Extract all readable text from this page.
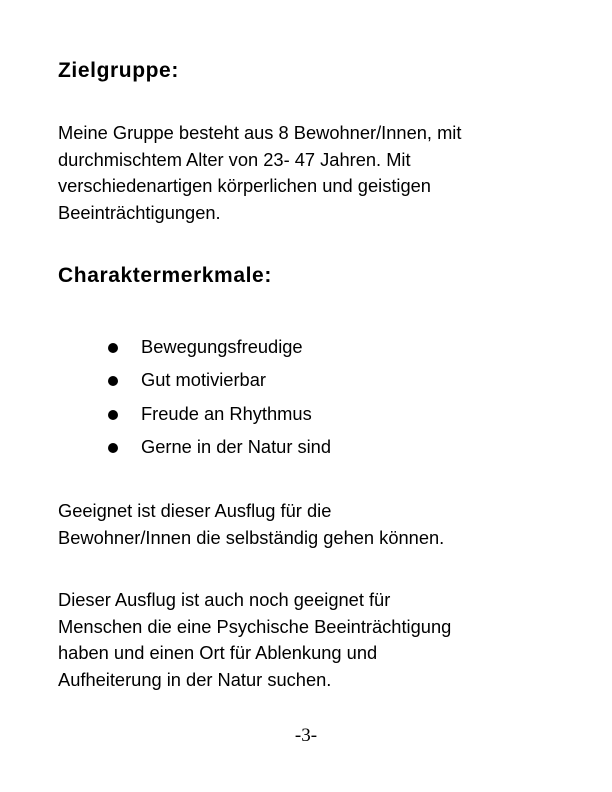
Zielgruppe:

Meine Gruppe besteht aus 8 Bewohner/Innen, mit
durchmischtem Alter von 23- 47 Jahren. Mit
verschiedenartigen körperlichen und geistigen
Beeinträchtigungen.

Charaktermerkmale:
Bewegungsfreudige
Gut motivierbar
Freude an Rhythmus
Gerne in der Natur sind

Geeignet ist dieser Ausflug für die
Bewohner/Innen die selbständig gehen können.

Dieser Ausflug ist auch noch geeignet für
Menschen die eine Psychische Beeinträchtigung
haben und einen Ort für Ablenkung und
Aufheiterung in der Natur suchen.

-3-
